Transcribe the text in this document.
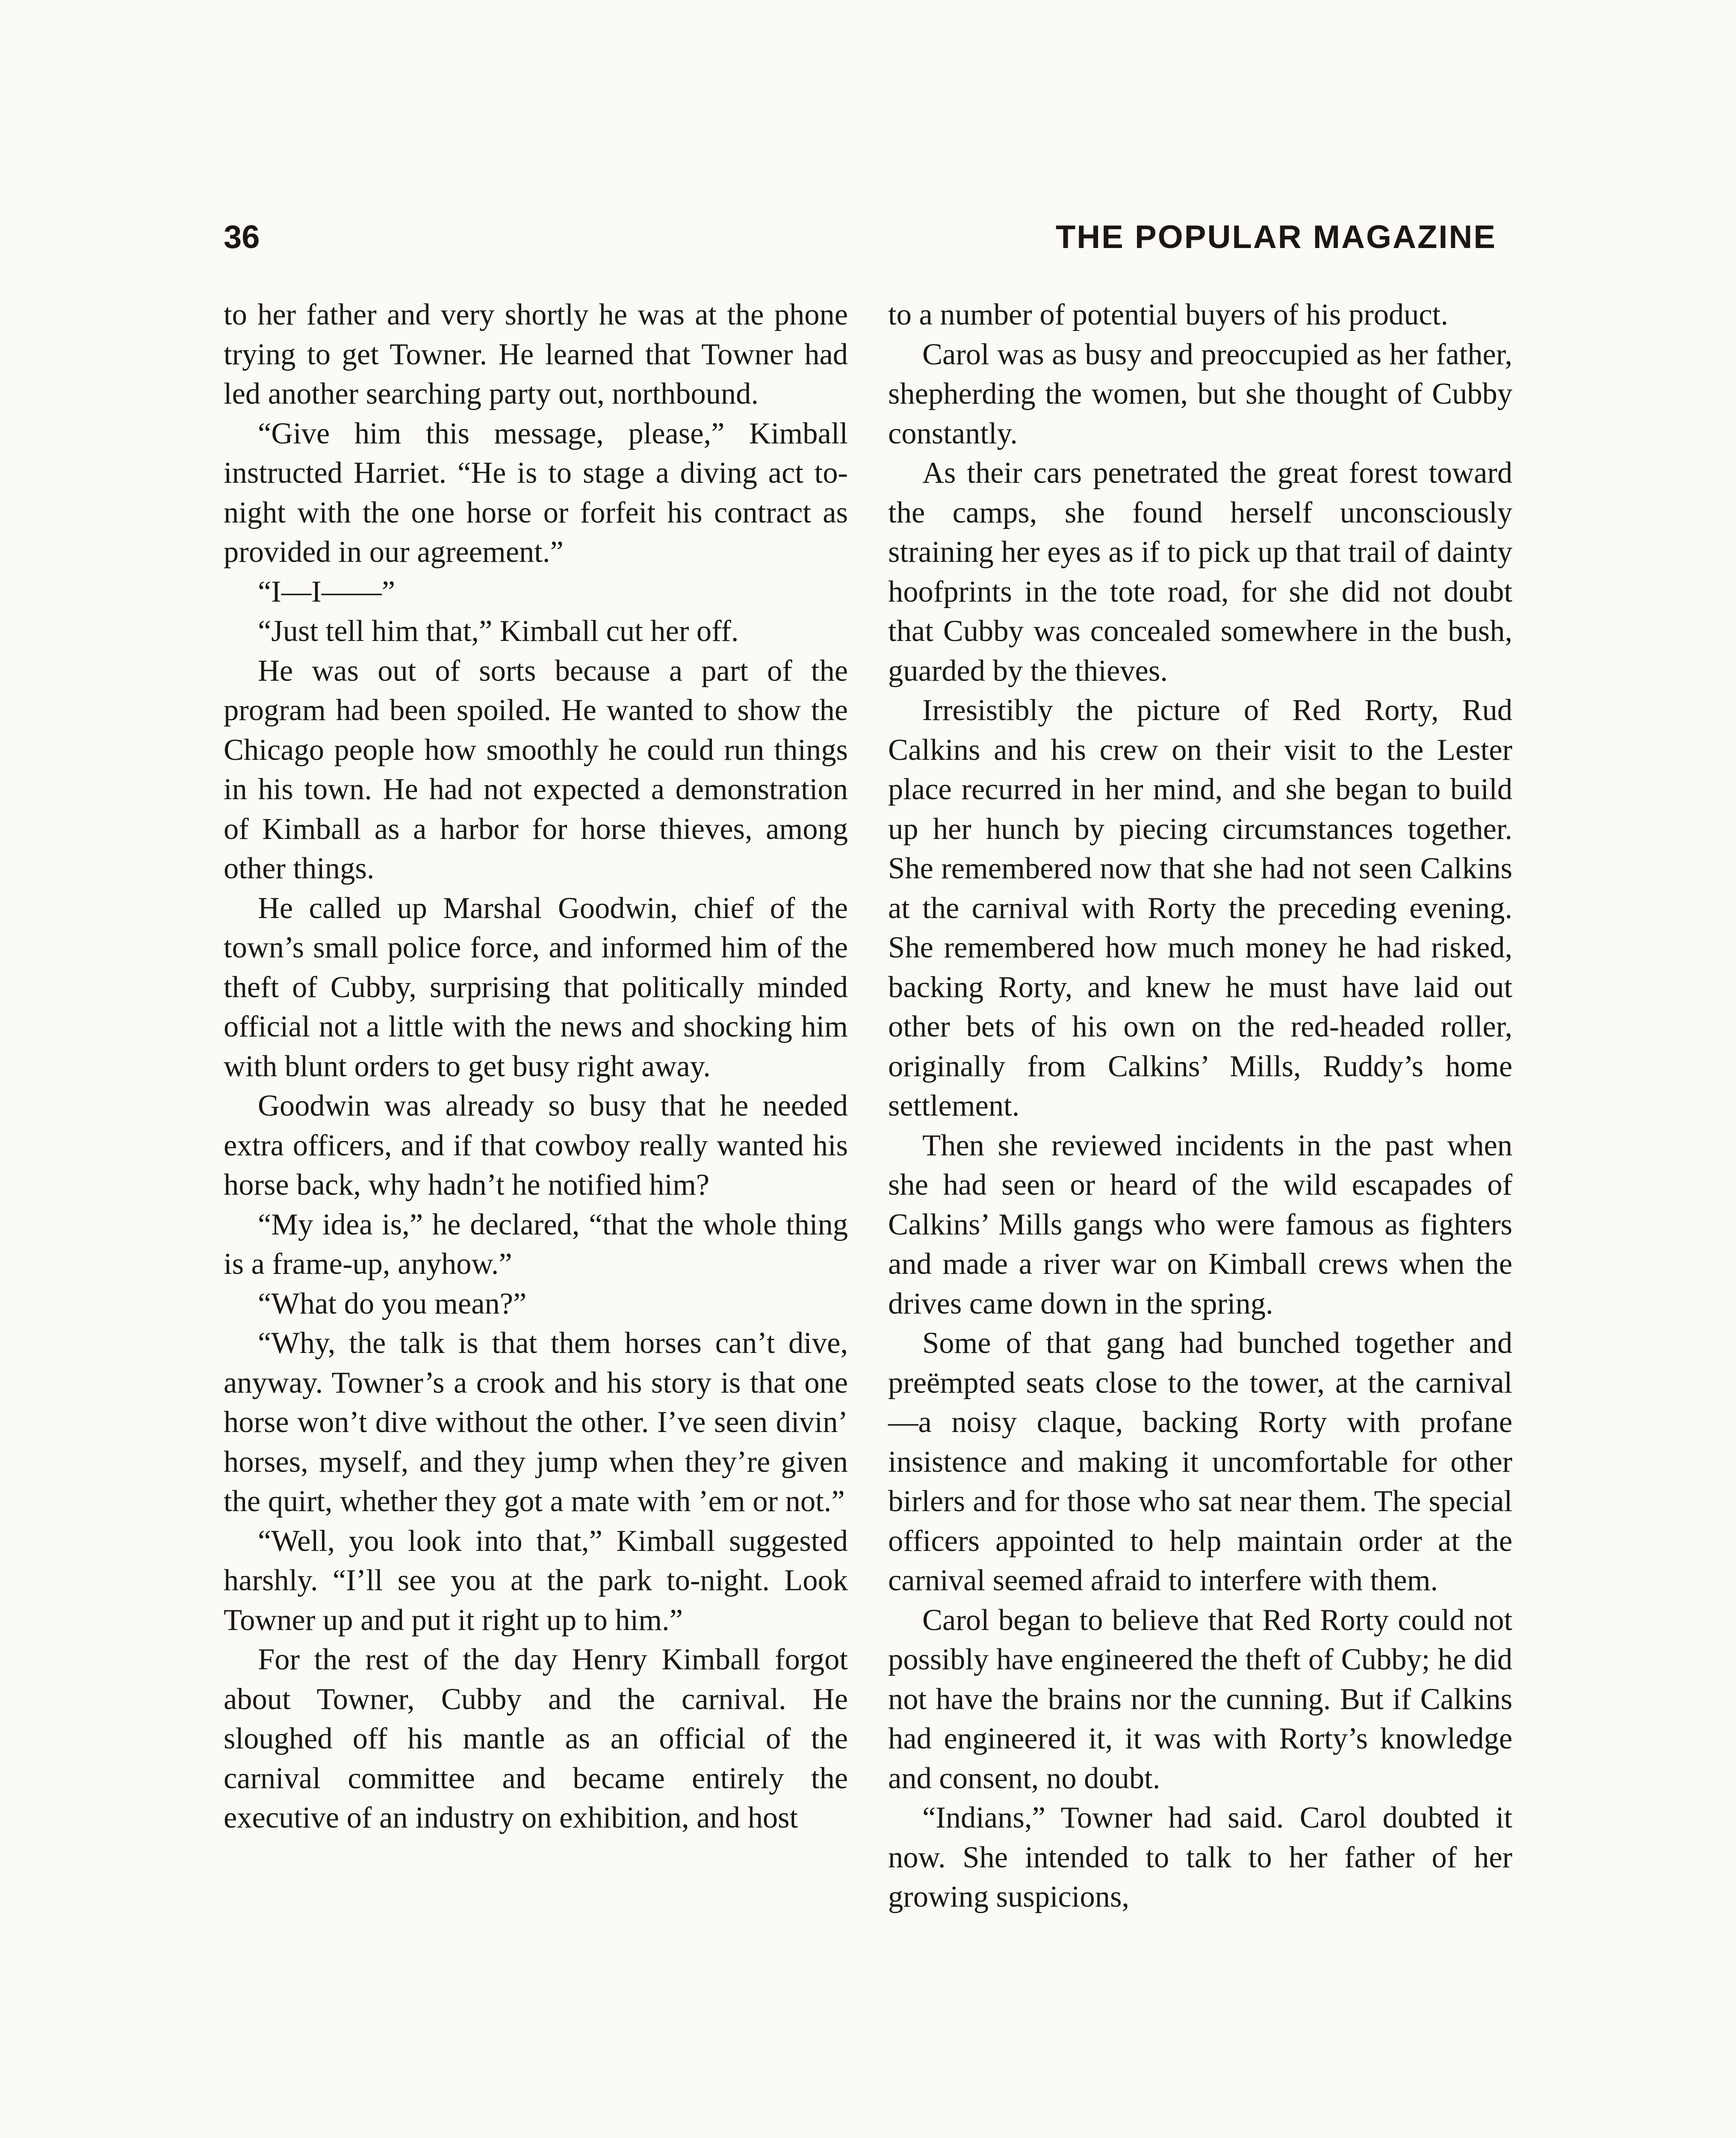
36	THE POPULAR MAGAZINE

to her father and very shortly he was at the phone trying to get Towner. He learned that Towner had led another searching party out, northbound.

“Give him this message, please,” Kimball instructed Harriet. “He is to stage a diving act to-night with the one horse or forfeit his contract as provided in our agreement.”

“I—I——”

“Just tell him that,” Kimball cut her off.

He was out of sorts because a part of the program had been spoiled. He wanted to show the Chicago people how smoothly he could run things in his town. He had not expected a demonstration of Kimball as a harbor for horse thieves, among other things.

He called up Marshal Goodwin, chief of the town’s small police force, and informed him of the theft of Cubby, surprising that politically minded official not a little with the news and shocking him with blunt orders to get busy right away.

Goodwin was already so busy that he needed extra officers, and if that cowboy really wanted his horse back, why hadn’t he notified him?

“My idea is,” he declared, “that the whole thing is a frame-up, anyhow.”

“What do you mean?”

“Why, the talk is that them horses can’t dive, anyway. Towner’s a crook and his story is that one horse won’t dive without the other. I’ve seen divin’ horses, myself, and they jump when they’re given the quirt, whether they got a mate with ’em or not.”

“Well, you look into that,” Kimball suggested harshly. “I’ll see you at the park to-night. Look Towner up and put it right up to him.”

For the rest of the day Henry Kimball forgot about Towner, Cubby and the carnival. He sloughed off his mantle as an official of the carnival committee and became entirely the executive of an industry on exhibition, and host

to a number of potential buyers of his product.

Carol was as busy and preoccupied as her father, shepherding the women, but she thought of Cubby constantly.

As their cars penetrated the great forest toward the camps, she found herself unconsciously straining her eyes as if to pick up that trail of dainty hoofprints in the tote road, for she did not doubt that Cubby was concealed somewhere in the bush, guarded by the thieves.

Irresistibly the picture of Red Rorty, Rud Calkins and his crew on their visit to the Lester place recurred in her mind, and she began to build up her hunch by piecing circumstances together. She remembered now that she had not seen Calkins at the carnival with Rorty the preceding evening. She remembered how much money he had risked, backing Rorty, and knew he must have laid out other bets of his own on the red-headed roller, originally from Calkins’ Mills, Ruddy’s home settlement.

Then she reviewed incidents in the past when she had seen or heard of the wild escapades of Calkins’ Mills gangs who were famous as fighters and made a river war on Kimball crews when the drives came down in the spring.

Some of that gang had bunched together and preëmpted seats close to the tower, at the carnival—a noisy claque, backing Rorty with profane insistence and making it uncomfortable for other birlers and for those who sat near them. The special officers appointed to help maintain order at the carnival seemed afraid to interfere with them.

Carol began to believe that Red Rorty could not possibly have engineered the theft of Cubby; he did not have the brains nor the cunning. But if Calkins had engineered it, it was with Rorty’s knowledge and consent, no doubt.

“Indians,” Towner had said. Carol doubted it now. She intended to talk to her father of her growing suspicions,
